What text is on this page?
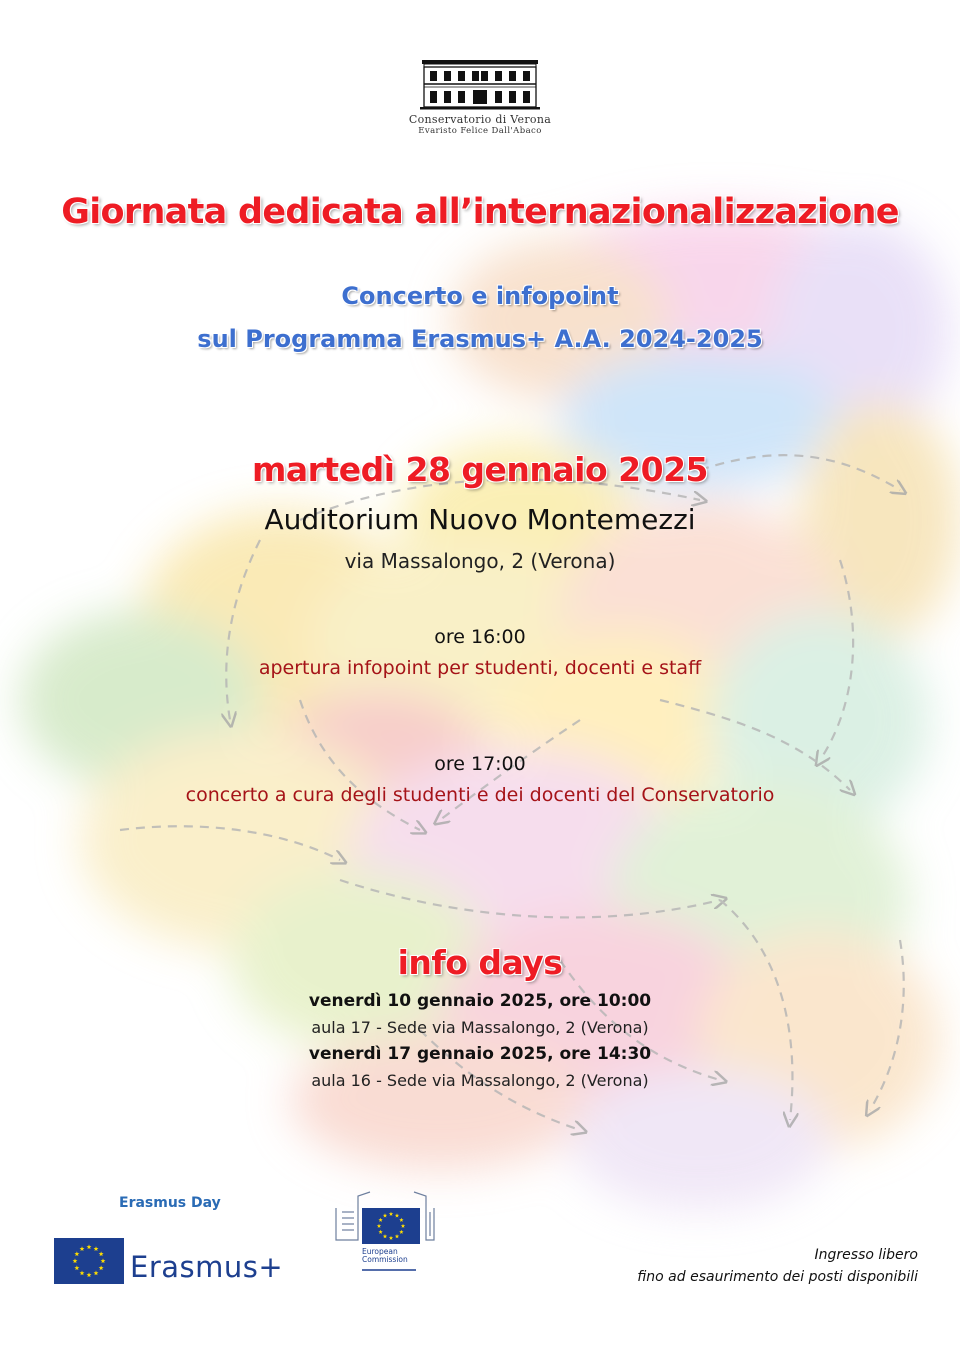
Conservatorio di Verona
Evaristo Felice Dall'Abaco
Giornata dedicata all’internazionalizzazione
Concerto e infopoint
sul Programma Erasmus+ A.A. 2024-2025
martedì 28 gennaio 2025
Auditorium Nuovo Montemezzi
via Massalongo, 2 (Verona)
ore 16:00
apertura infopoint per studenti, docenti e staff
ore 17:00
concerto a cura degli studenti e dei docenti del Conservatorio
info days
venerdì 10 gennaio 2025, ore 10:00
aula 17 - Sede via Massalongo, 2 (Verona)
venerdì 17 gennaio 2025, ore 14:30
aula 16 - Sede via Massalongo, 2 (Verona)
Erasmus Day
Erasmus+	European
Commission	Ingresso libero
fino ad esaurimento dei posti disponibili
